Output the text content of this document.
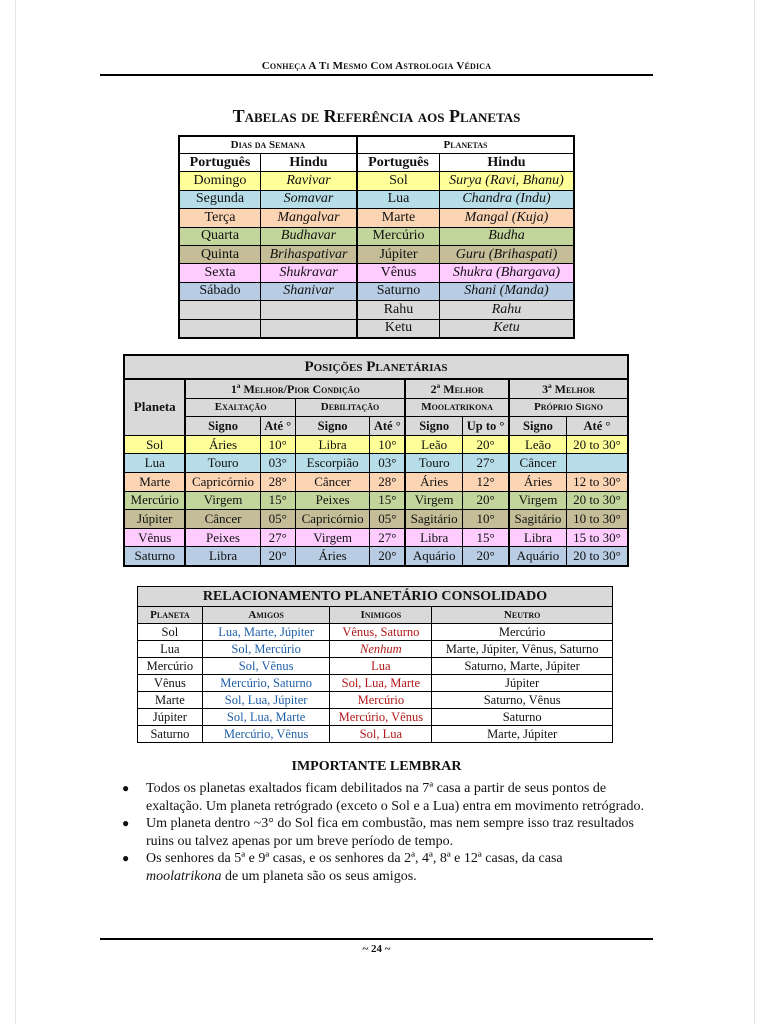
Conheça A Ti Mesmo Com Astrologia Védica
Tabelas de Referência aos Planetas
Dias da Semana		Planetas	
Português	Hindu	Português	Hindu
Domingo	Ravivar	Sol	Surya (Ravi, Bhanu)
Segunda	Somavar	Lua	Chandra (Indu)
Terça	Mangalvar	Marte	Mangal (Kuja)
Quarta	Budhavar	Mercúrio	Budha
Quinta	Brihaspativar	Júpiter	Guru (Brihaspati)
Sexta	Shukravar	Vênus	Shukra (Bhargava)
Sábado	Shanivar	Saturno	Shani (Manda)
		Rahu	Rahu
		Ketu	Ketu
Posições Planetárias								
Planeta	1ª Melhor/Pior Condição				2ª Melhor		3ª Melhor	
	Exaltação		Debilitação		Moolatrikona		Próprio Signo	
	Signo	Até °	Signo	Até °	Signo	Up to °	Signo	Até °
Sol	Áries	10°	Libra	10°	Leão	20°	Leão	20 to 30°
Lua	Touro	03°	Escorpião	03°	Touro	27°	Câncer	
Marte	Capricórnio	28°	Câncer	28°	Áries	12°	Áries	12 to 30°
Mercúrio	Virgem	15°	Peixes	15°	Virgem	20°	Virgem	20 to 30°
Júpiter	Câncer	05°	Capricórnio	05°	Sagitário	10°	Sagitário	10 to 30°
Vênus	Peixes	27°	Virgem	27°	Libra	15°	Libra	15 to 30°
Saturno	Libra	20°	Áries	20°	Aquário	20°	Aquário	20 to 30°
RELACIONAMENTO PLANETÁRIO CONSOLIDADO			
Planeta	Amigos	Inimigos	Neutro
Sol	Lua, Marte, Júpiter	Vênus, Saturno	Mercúrio
Lua	Sol, Mercúrio	Nenhum	Marte, Júpiter, Vênus, Saturno
Mercúrio	Sol, Vênus	Lua	Saturno, Marte, Júpiter
Vênus	Mercúrio, Saturno	Sol, Lua, Marte	Júpiter
Marte	Sol, Lua, Júpiter	Mercúrio	Saturno, Vênus
Júpiter	Sol, Lua, Marte	Mercúrio, Vênus	Saturno
Saturno	Mercúrio, Vênus	Sol, Lua	Marte, Júpiter
IMPORTANTE LEMBRAR
● Todos os planetas exaltados ficam debilitados na 7ª casa a partir de seus pontos de exaltação. Um planeta retrógrado (exceto o Sol e a Lua) entra em movimento retrógrado.
● Um planeta dentro ~3° do Sol fica em combustão, mas nem sempre isso traz resultados ruins ou talvez apenas por um breve período de tempo.
● Os senhores da 5ª e 9ª casas, e os senhores da 2ª, 4ª, 8ª e 12ª casas, da casa
moolatrikona de um planeta são os seus amigos.
~ 24 ~
